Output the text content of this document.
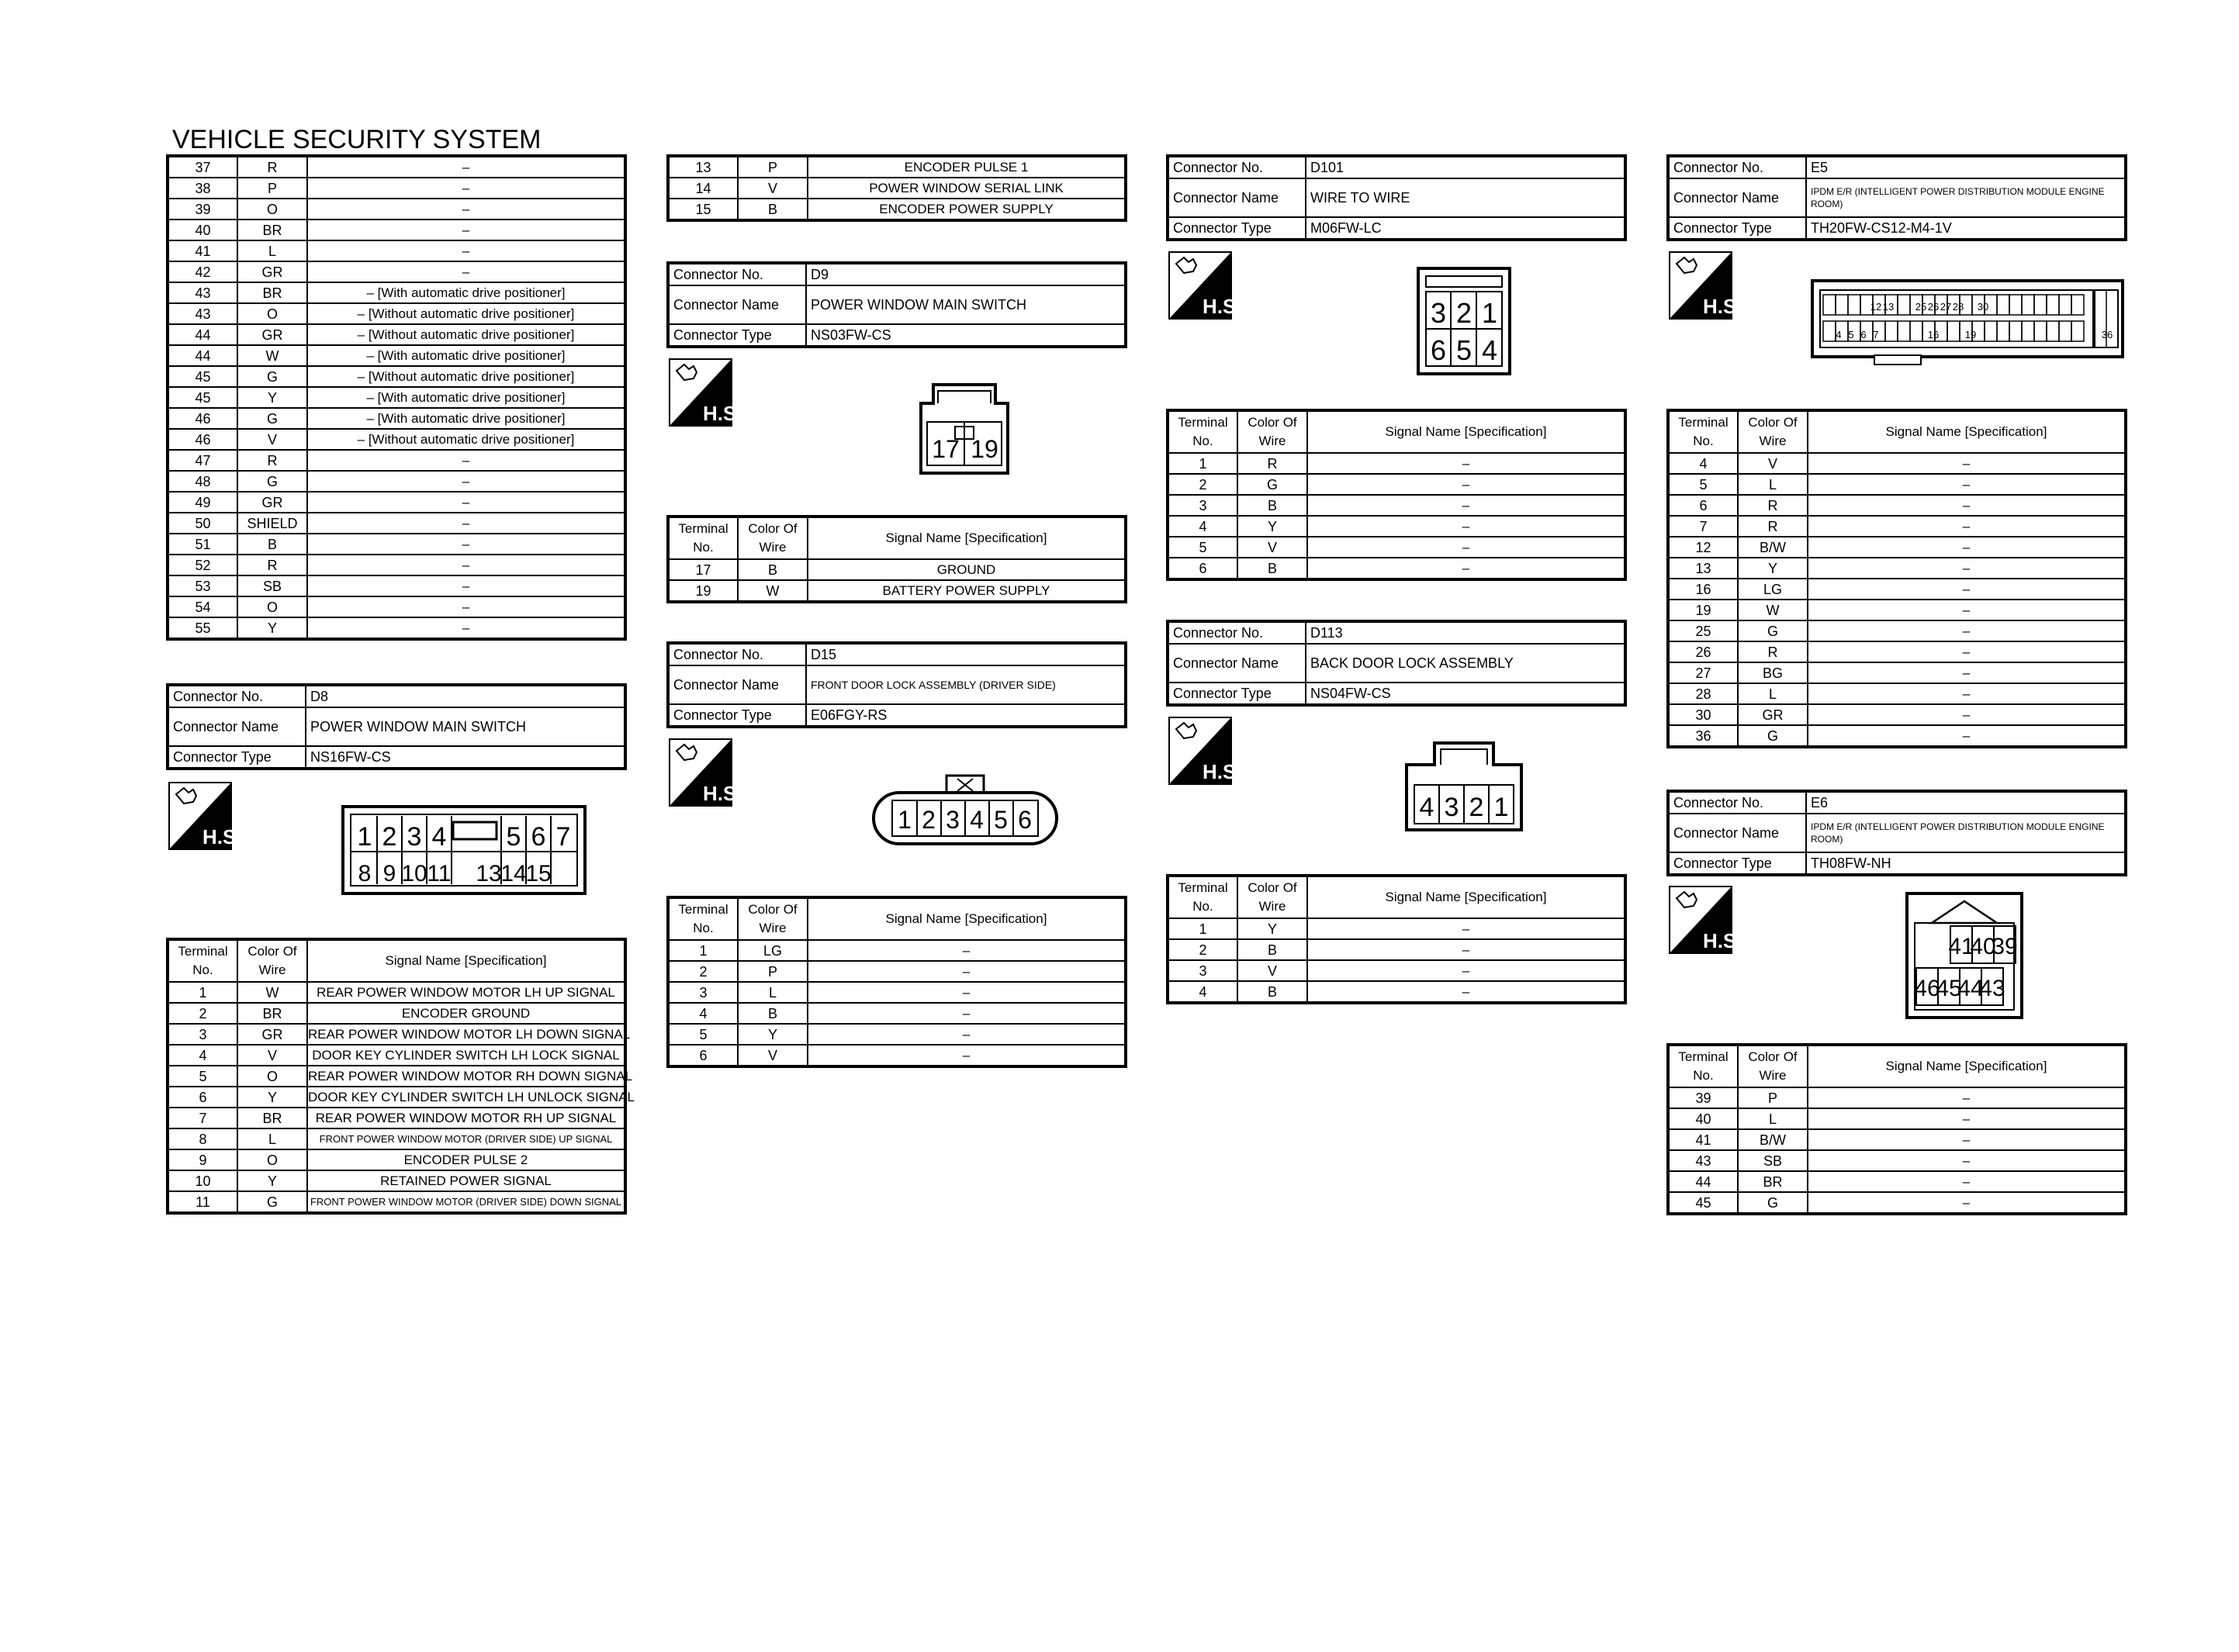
VEHICLE SECURITY SYSTEM
37	R	–
38	P	–
39	O	–
40	BR	–
41	L	–
42	GR	–
43	BR	– [With automatic drive positioner]
43	O	– [Without automatic drive positioner]
44	GR	– [Without automatic drive positioner]
44	W	– [With automatic drive positioner]
45	G	– [Without automatic drive positioner]
45	Y	– [With automatic drive positioner]
46	G	– [With automatic drive positioner]
46	V	– [Without automatic drive positioner]
47	R	–
48	G	–
49	GR	–
50	SHIELD	–
51	B	–
52	R	–
53	SB	–
54	O	–
55	Y	–
Connector No.	D8
Connector Name	POWER WINDOW MAIN SWITCH
Connector Type	NS16FW-CS
H.S.	1 2 3 4 5 6 7
8 9 10 11 13
14
15
Terminal No.	Color Of Wire	Signal Name [Specification]
1	W	REAR POWER WINDOW MOTOR LH UP SIGNAL
2	BR	ENCODER GROUND
3	GR	REAR POWER WINDOW MOTOR LH DOWN SIGNAL
4	V	DOOR KEY CYLINDER SWITCH LH LOCK SIGNAL
5	O	REAR POWER WINDOW MOTOR RH DOWN SIGNAL
6	Y	DOOR KEY CYLINDER SWITCH LH UNLOCK SIGNAL
7	BR	REAR POWER WINDOW MOTOR RH UP SIGNAL
8	L	FRONT POWER WINDOW MOTOR (DRIVER SIDE) UP SIGNAL
9	O	ENCODER PULSE 2
10	Y	RETAINED POWER SIGNAL
11	G	FRONT POWER WINDOW MOTOR (DRIVER SIDE) DOWN SIGNAL
13	P	ENCODER PULSE 1
14	V	POWER WINDOW SERIAL LINK
15	B	ENCODER POWER SUPPLY
Connector No.	D9
Connector Name	POWER WINDOW MAIN SWITCH
Connector Type	NS03FW-CS
H.S.
17 19
Terminal No.	Color Of Wire	Signal Name [Specification]
17	B	GROUND
19	W	BATTERY POWER SUPPLY
Connector No.	D15
Connector Name	FRONT DOOR LOCK ASSEMBLY (DRIVER SIDE)
Connector Type	E06FGY-RS
H.S.
1 2 3 4 5 6
Terminal No.	Color Of Wire	Signal Name [Specification]
1	LG	–
2	P	–
3	L	–
4	B	–
5	Y	–
6	V	–
Connector No.	D101
Connector Name	WIRE TO WIRE
Connector Type	M06FW-LC
H.S.	3
6
2
5
1
4
Terminal No.	Color Of Wire	Signal Name [Specification]
1	R	–
2	G	–
3	B	–
4	Y	–
5	V	–
6	B	–
Connector No.	D113
Connector Name	BACK DOOR LOCK ASSEMBLY
Connector Type	NS04FW-CS
H.S.
4 3 2 1
Terminal No.	Color Of Wire	Signal Name [Specification]
1	Y	–
2	B	–
3	V	–
4	B	–
Connector No.	E5
Connector Name	IPDM E/R (INTELLIGENT POWER DISTRIBUTION MODULE ENGINE ROOM)
Connector Type	TH20FW-CS12-M4-1V
H.S.	12 13 25 26 27 28 30
4 5 6 7	16	19	36
Terminal No.	Color Of Wire	Signal Name [Specification]
4	V	–
5	L	–
6	R	–
7	R	–
12	B/W	–
13	Y	–
16	LG	–
19	W	–
25	G	–
26	R	–
27	BG	–
28	L	–
30	GR	–
36	G	–
Connector No.	E6
Connector Name	IPDM E/R (INTELLIGENT POWER DISTRIBUTION MODULE ENGINE ROOM)
Connector Type	TH08FW-NH
H.S.	41
40
39
46
45
44
43
Terminal No.	Color Of Wire	Signal Name [Specification]
39	P	–
40	L	–
41	B/W	–
43	SB	–
44	BR	–
45	G	–
